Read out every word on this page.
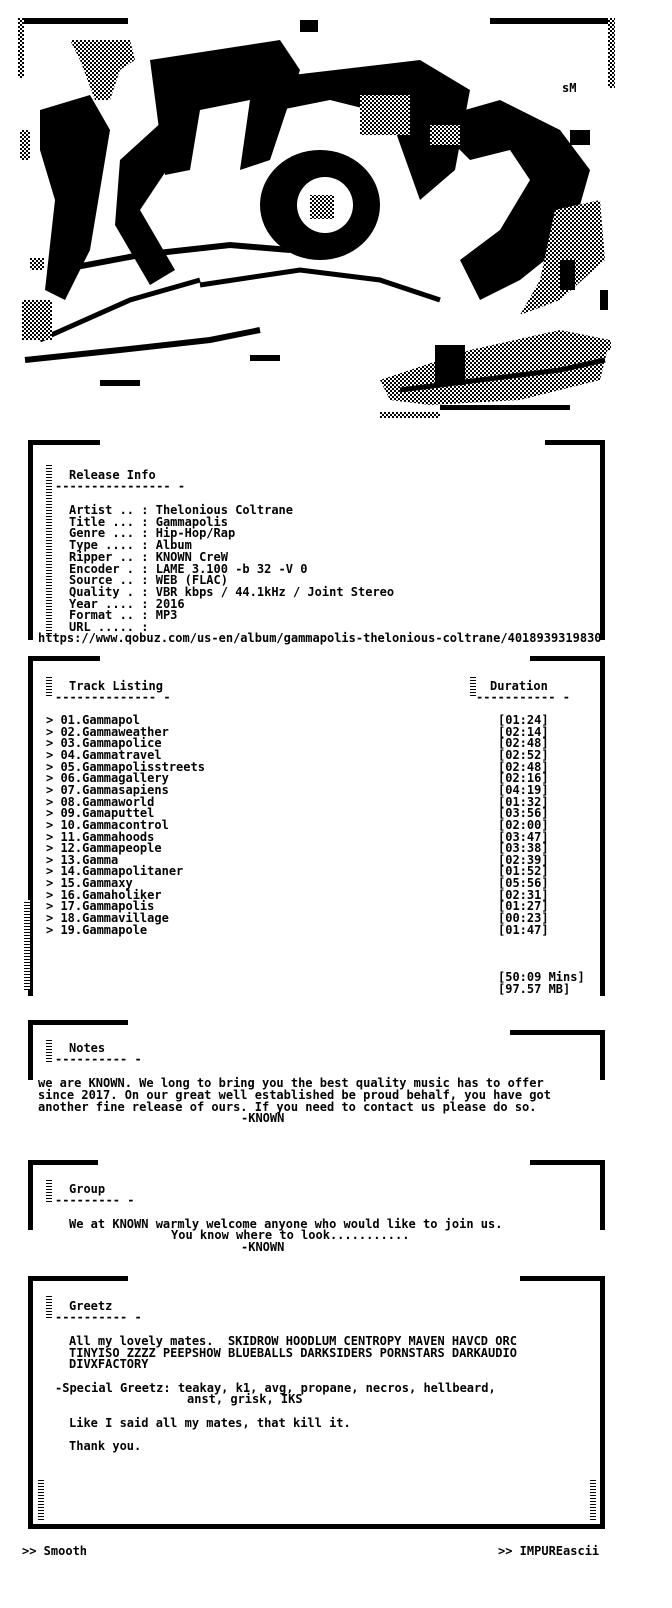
sM
Release Info
---------------- -
Artist .. : Thelonious Coltrane
Title ... : Gammapolis
Genre ... : Hip-Hop/Rap
Type .... : Album
Ripper .. : KNOWN CreW
Encoder . : LAME 3.100 -b 32 -V 0
Source .. : WEB (FLAC)
Quality . : VBR kbps / 44.1kHz / Joint Stereo
Year .... : 2016
Format .. : MP3
URL ..... :
https://www.qobuz.com/us-en/album/gammapolis-thelonious-coltrane/4018939319830
Track Listing
-------------- -
Duration
----------- -
> 01.Gammapol	[01:24]
> 02.Gammaweather	[02:14]
> 03.Gammapolice	[02:48]
> 04.Gammatravel	[02:52]
> 05.Gammapolisstreets	[02:48]
> 06.Gammagallery	[02:16]
> 07.Gammasapiens	[04:19]
> 08.Gammaworld	[01:32]
> 09.Gamaputtel	[03:56]
> 10.Gammacontrol	[02:00]
> 11.Gammahoods	[03:47]
> 12.Gammapeople	[03:38]
> 13.Gamma	[02:39]
> 14.Gammapolitaner	[01:52]
> 15.Gammaxy	[05:56]
> 16.Gamaholiker	[02:31]
> 17.Gammapolis	[01:27]
> 18.Gammavillage	[00:23]
> 19.Gammapole	[01:47]
[50:09 Mins]
[97.57 MB]
Notes
---------- -
we are KNOWN. We long to bring you the best quality music has to offer
since 2017. On our great well established be proud behalf, you have got
another fine release of ours. If you need to contact us please do so.
-KNOWN
Group
--------- -
We at KNOWN warmly welcome anyone who would like to join us.
You know where to look...........
-KNOWN
Greetz
---------- -
All my lovely mates.  SKIDROW HOODLUM CENTROPY MAVEN HAVCD ORC
TINYISO ZZZZ PEEPSHOW BLUEBALLS DARKSIDERS PORNSTARS DARKAUDIO
DIVXFACTORY
-Special Greetz: teakay, k1, avg, propane, necros, hellbeard,
anst, grisk, IKS
Like I said all my mates, that kill it.
Thank you.
>> Smooth	>> IMPUREascii
